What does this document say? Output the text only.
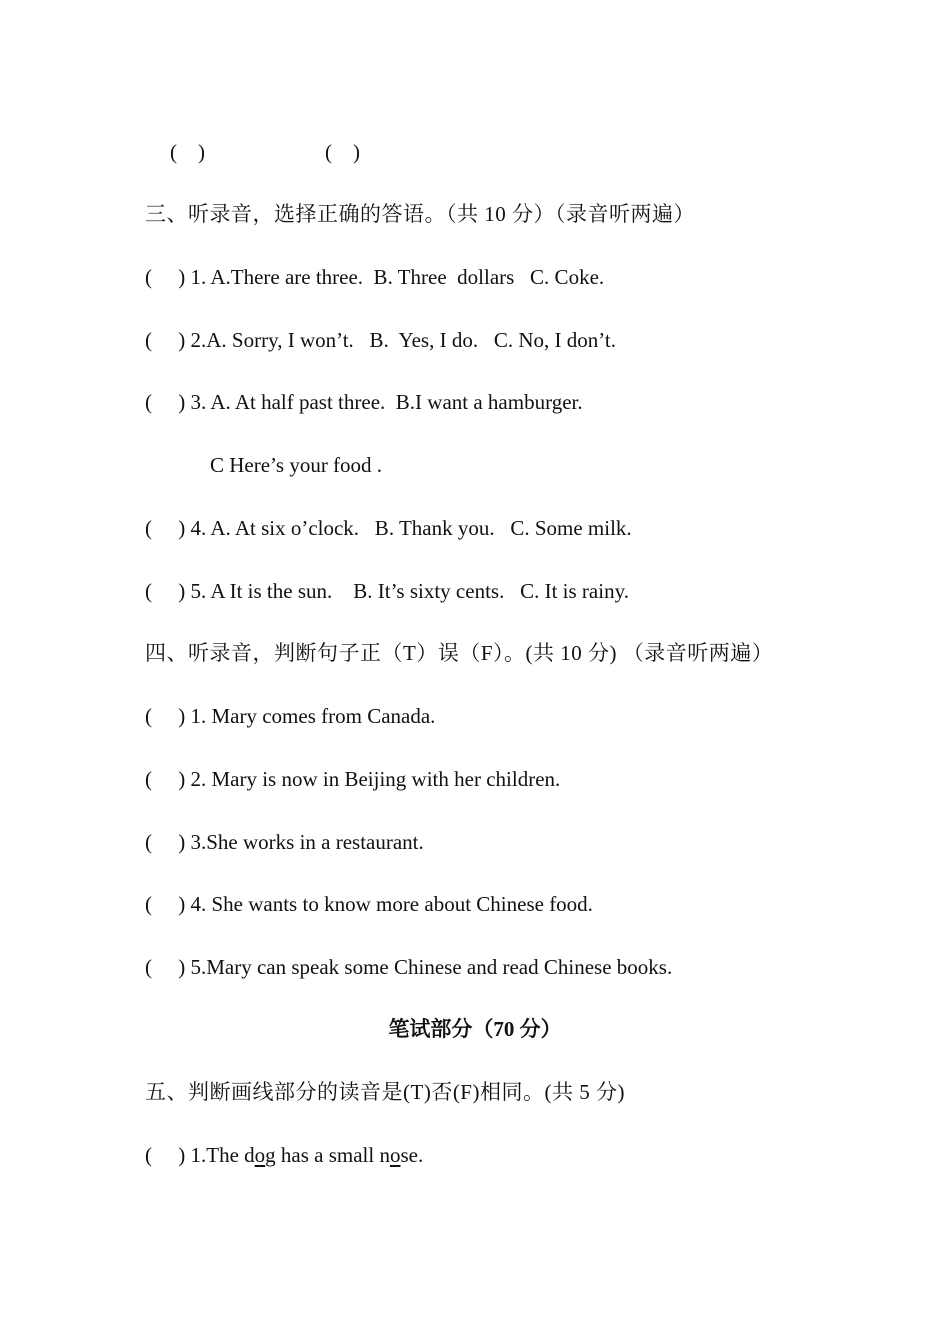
(    )	(    )
三、听录音，选择正确的答语。（共 10 分）（录音听两遍）
(     ) 1. A.There are three.  B. Three  dollars   C. Coke.
(     ) 2.A. Sorry, I won’t.   B.  Yes, I do.   C. No, I don’t.
(     ) 3. A. At half past three.  B.I want a hamburger.
C Here’s your food .
(     ) 4. A. At six o’clock.   B. Thank you.   C. Some milk.
(     ) 5. A It is the sun.    B. It’s sixty cents.   C. It is rainy.
四、听录音，判断句子正（T）误（F）。(共 10 分) （录音听两遍）
(     ) 1. Mary comes from Canada.
(     ) 2. Mary is now in Beijing with her children.
(     ) 3.She works in a restaurant.
(     ) 4. She wants to know more about Chinese food.
(     ) 5.Mary can speak some Chinese and read Chinese books.
笔试部分（70 分）
五、判断画线部分的读音是(T)否(F)相同。(共 5 分)
(     ) 1.The dog has a small nose.
